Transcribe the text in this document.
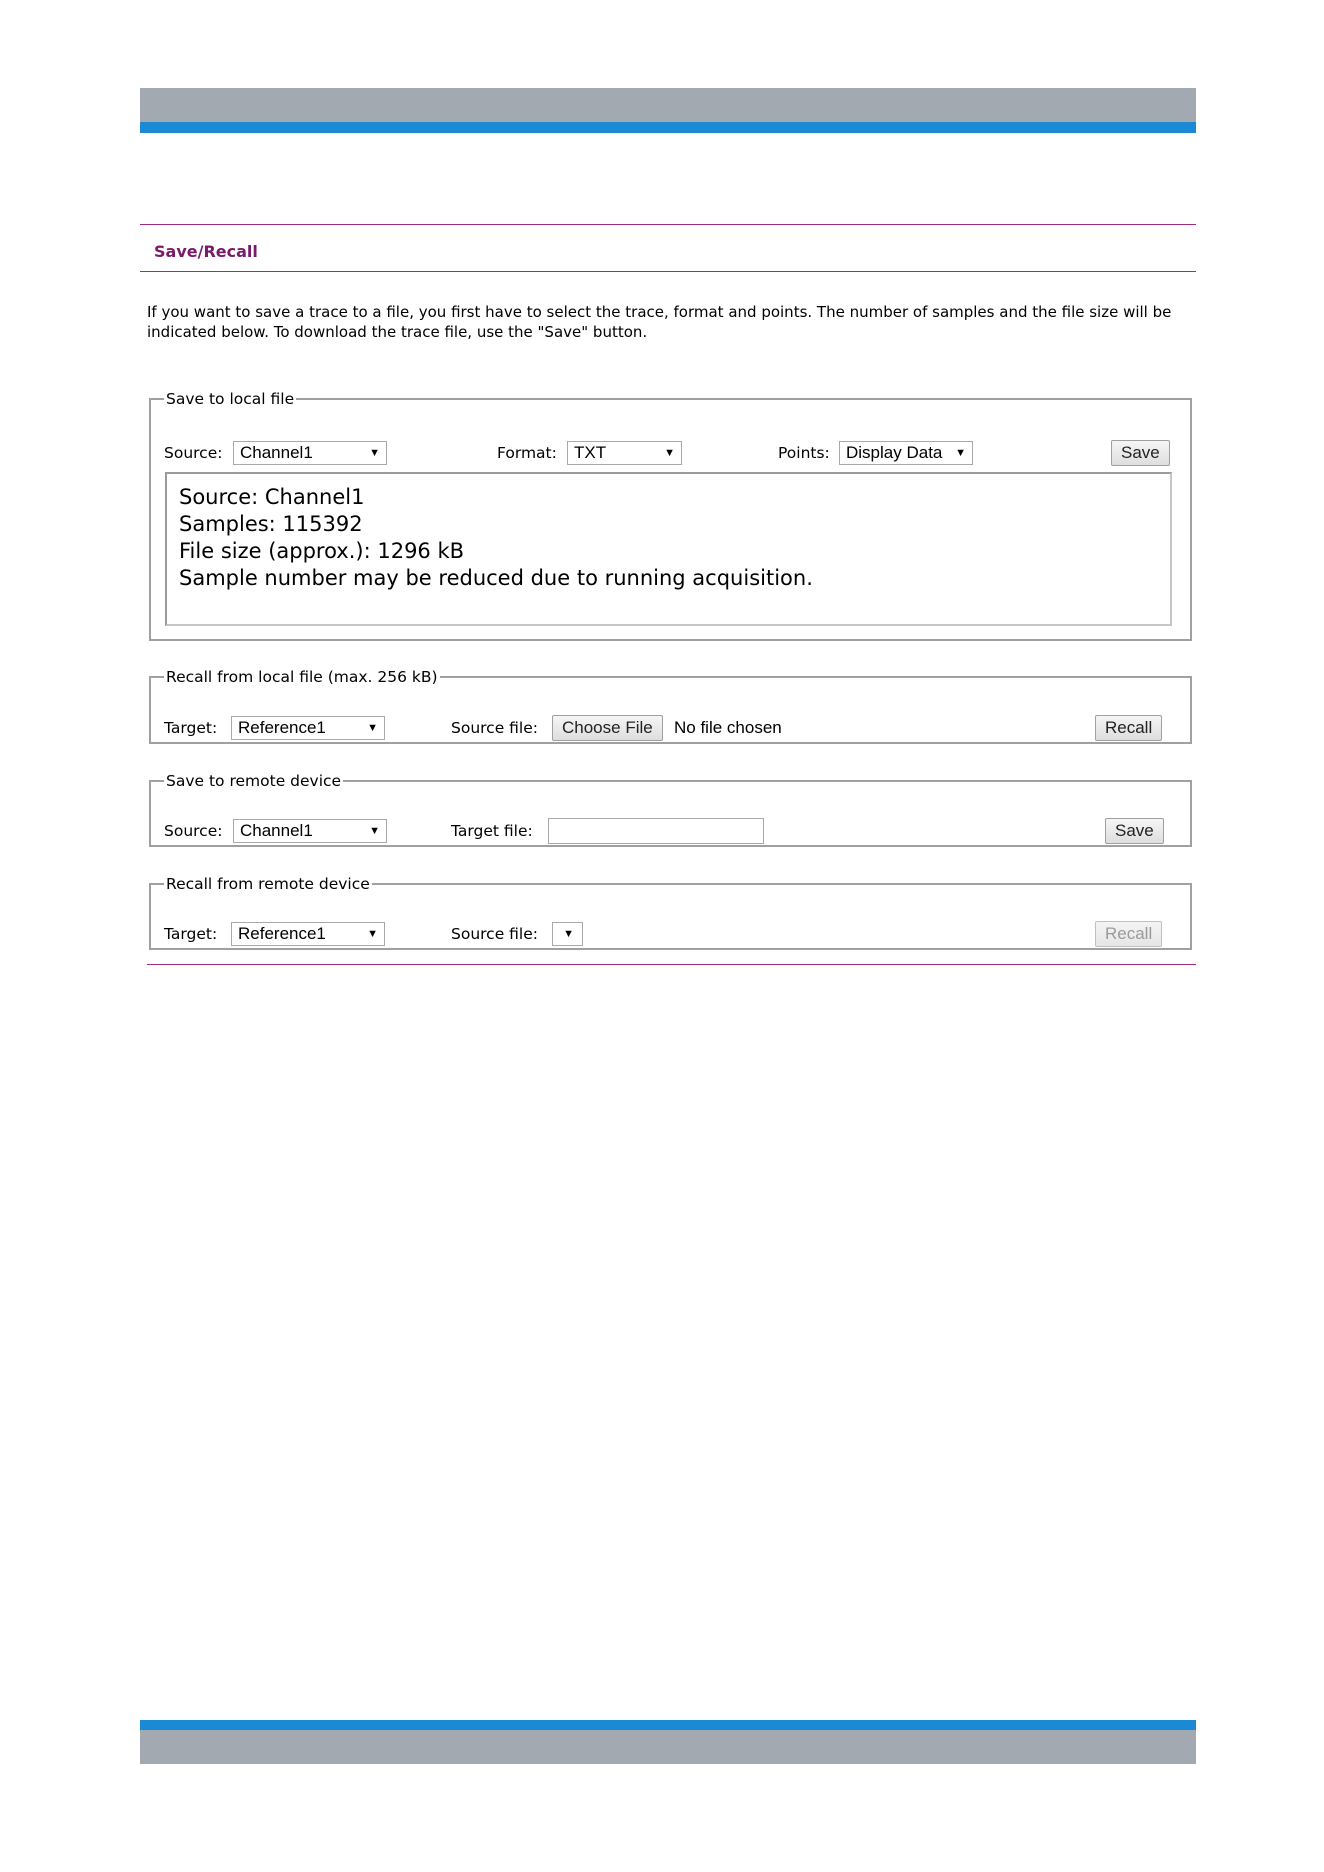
Save/Recall
If you want to save a trace to a file, you first have to select the trace, format and points. The number of samples and the file size will be indicated below. To download the trace file, use the "Save" button.
Save to local file
Source:	Channel1	▼	Format:	TXT	▼	Points: Display Data ▼	Save
Source: Channel1
Samples: 115392
File size (approx.): 1296 kB
Sample number may be reduced due to running acquisition.
Recall from local file (max. 256 kB)
Target:	Reference1	▼	Source file:	Choose File	No file chosen	Recall
Save to remote device
Source:	Channel1	▼	Target file:	Save
Recall from remote device
Target:	Reference1	▼	Source file: ▼	Recall
